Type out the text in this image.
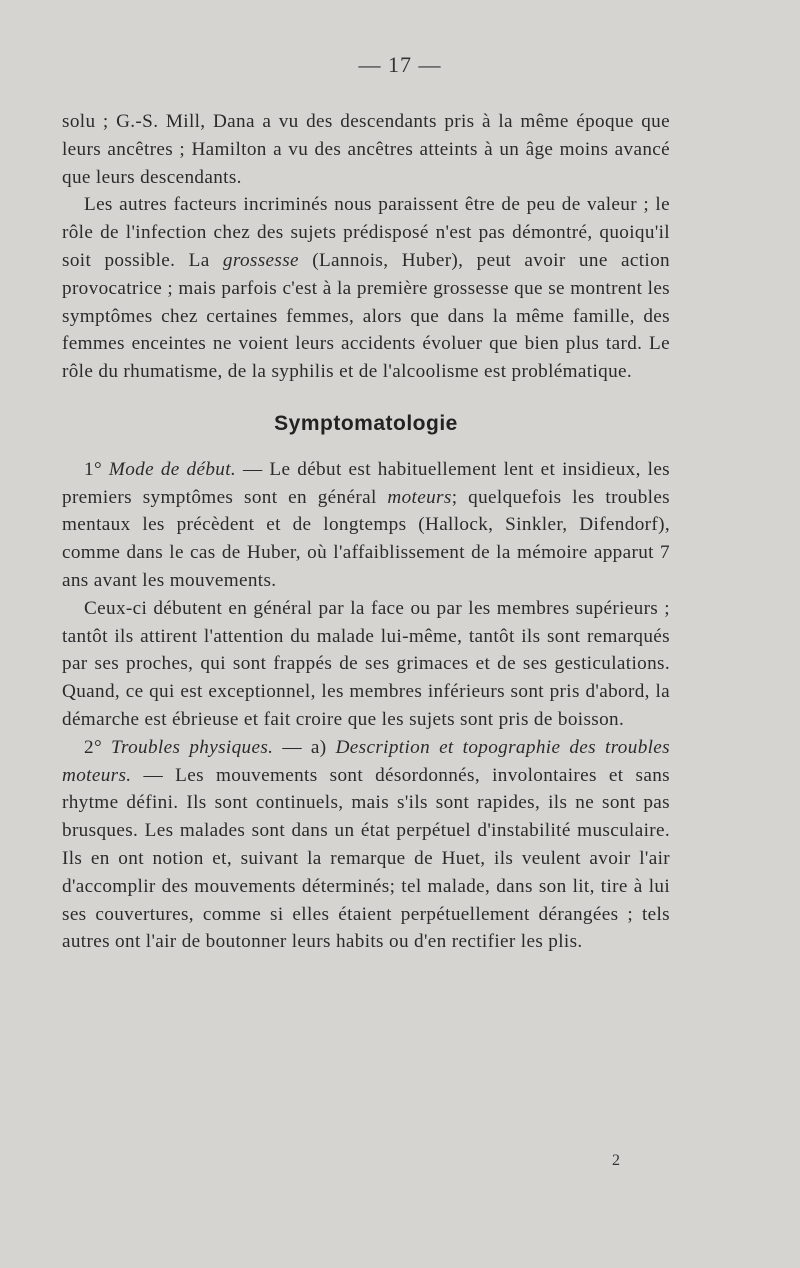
— 17 —

solu ; G.-S. Mill, Dana a vu des descendants pris à la même époque que leurs ancêtres ; Hamilton a vu des ancêtres atteints à un âge moins avancé que leurs descendants.

Les autres facteurs incriminés nous paraissent être de peu de valeur ; le rôle de l'infection chez des sujets prédisposé n'est pas démontré, quoiqu'il soit possible. La grossesse (Lannois, Huber), peut avoir une action provocatrice ; mais parfois c'est à la première grossesse que se montrent les symptômes chez certaines femmes, alors que dans la même famille, des femmes enceintes ne voient leurs accidents évoluer que bien plus tard. Le rôle du rhumatisme, de la syphilis et de l'alcoolisme est problématique.

Symptomatologie

1° Mode de début. — Le début est habituellement lent et insidieux, les premiers symptômes sont en général moteurs; quelquefois les troubles mentaux les précèdent et de longtemps (Hallock, Sinkler, Difendorf), comme dans le cas de Huber, où l'affaiblissement de la mémoire apparut 7 ans avant les mouvements.

Ceux-ci débutent en général par la face ou par les membres supérieurs ; tantôt ils attirent l'attention du malade lui-même, tantôt ils sont remarqués par ses proches, qui sont frappés de ses grimaces et de ses gesticulations. Quand, ce qui est exceptionnel, les membres inférieurs sont pris d'abord, la démarche est ébrieuse et fait croire que les sujets sont pris de boisson.

2° Troubles physiques. — a) Description et topographie des troubles moteurs. — Les mouvements sont désordonnés, involontaires et sans rhytme défini. Ils sont continuels, mais s'ils sont rapides, ils ne sont pas brusques. Les malades sont dans un état perpétuel d'instabilité musculaire. Ils en ont notion et, suivant la remarque de Huet, ils veulent avoir l'air d'accomplir des mouvements déterminés; tel malade, dans son lit, tire à lui ses couvertures, comme si elles étaient perpétuellement dérangées ; tels autres ont l'air de boutonner leurs habits ou d'en rectifier les plis.

2
